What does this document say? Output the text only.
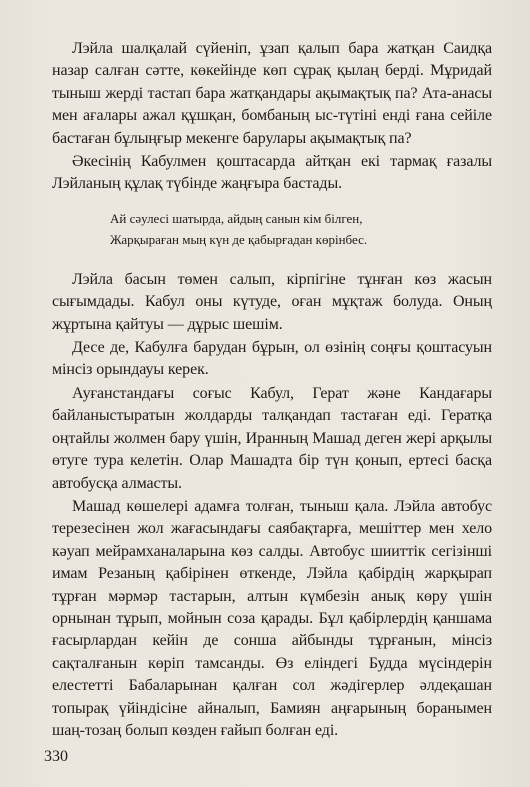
Лэйла шалқалай сүйеніп, ұзап қалып бара жатқан Саидқа назар салған сәтте, көкейінде көп сұрақ қылаң берді. Мұридай тыныш жерді тастап бара жатқандары ақымақтық па? Ата-анасы мен ағалары ажал құшқан, бомбаның ыс-түтіні енді ғана сейіле бастаған бұлыңғыр мекенге барулары ақымақтық па?

Әкесінің Кабулмен қоштасарда айтқан екі тармақ ғазалы Лэйланың құлақ түбінде жаңғыра бастады.

Ай сәулесі шатырда, айдың санын кім білген,
Жарқыраған мың күн де қабырғадан көрінбес.

Лэйла басын төмен салып, кірпігіне тұнған көз жасын сығымдады. Кабул оны күтуде, оған мұқтаж болуда. Оның жұртына қайтуы — дұрыс шешім.

Десе де, Кабулға барудан бұрын, ол өзінің соңғы қоштасуын мінсіз орындауы керек.

Ауғанстандағы соғыс Кабул, Герат және Кандағары байланыстыратын жолдарды талқандап тастаған еді. Гератқа оңтайлы жолмен бару үшін, Иранның Машад деген жері арқылы өтуге тура келетін. Олар Машадта бір түн қонып, ертесі басқа автобусқа алмасты.

Машад көшелері адамға толған, тыныш қала. Лэйла автобус терезесінен жол жағасындағы саябақтарға, мешіттер мен хело кәуап мейрамханаларына көз салды. Автобус шииттік сегізінші имам Резаның қабірінен өткенде, Лэйла қабірдің жарқырап тұрған мәрмәр тастарын, алтын күмбезін анық көру үшін орнынан тұрып, мойнын соза қарады. Бұл қабірлердің қаншама ғасырлардан кейін де сонша айбынды тұрғанын, мінсіз сақталғанын көріп тамсанды. Өз еліндегі Будда мүсіндерін елестетті Бабаларынан қалған сол жәдігерлер әлдеқашан топырақ үйіндісіне айналып, Бамиян аңғарының боранымен шаң-тозаң болып көзден ғайып болған еді.

330
